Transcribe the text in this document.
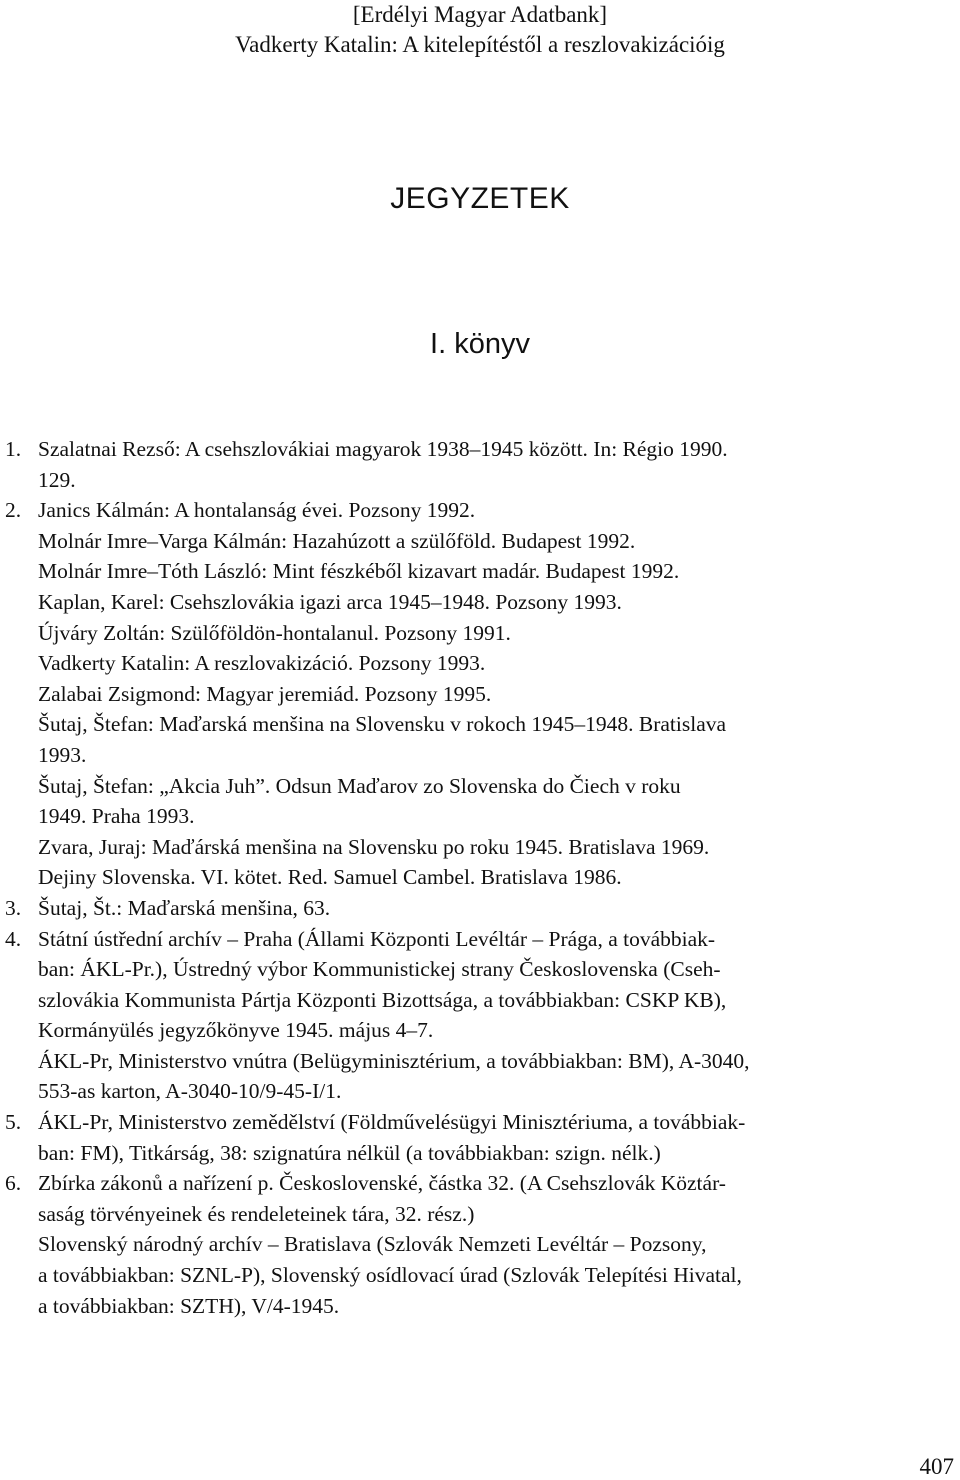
[Erdélyi Magyar Adatbank]
Vadkerty Katalin: A kitelepítéstől a reszlovakizációig
JEGYZETEK
I. könyv
1. Szalatnai Rezső: A csehszlovákiai magyarok 1938–1945 között. In: Régio 1990.
129.
2. Janics Kálmán: A hontalanság évei. Pozsony 1992.
Molnár Imre–Varga Kálmán: Hazahúzott a szülőföld. Budapest 1992.
Molnár Imre–Tóth László: Mint fészkéből kizavart madár. Budapest 1992.
Kaplan, Karel: Csehszlovákia igazi arca 1945–1948. Pozsony 1993.
Újváry Zoltán: Szülőföldön-hontalanul. Pozsony 1991.
Vadkerty Katalin: A reszlovakizáció. Pozsony 1993.
Zalabai Zsigmond: Magyar jeremiád. Pozsony 1995.
Šutaj, Štefan: Maďarská menšina na Slovensku v rokoch 1945–1948. Bratislava
1993.
Šutaj, Štefan: „Akcia Juh”. Odsun Maďarov zo Slovenska do Čiech v roku
1949. Praha 1993.
Zvara, Juraj: Maďárská menšina na Slovensku po roku 1945. Bratislava 1969.
Dejiny Slovenska. VI. kötet. Red. Samuel Cambel. Bratislava 1986.
3. Šutaj, Št.: Maďarská menšina, 63.
4. Státní ústřední archív – Praha (Állami Központi Levéltár – Prága, a továbbiak-
ban: ÁKL-Pr.), Ústredný výbor Kommunistickej strany Československa (Cseh-
szlovákia Kommunista Pártja Központi Bizottsága, a továbbiakban: CSKP KB),
Kormányülés jegyzőkönyve 1945. május 4–7.
ÁKL-Pr, Ministerstvo vnútra (Belügyminisztérium, a továbbiakban: BM), A-3040,
553-as karton, A-3040-10/9-45-I/1.
5. ÁKL-Pr, Ministerstvo zemědělství (Földművelésügyi Minisztériuma, a továbbiak-
ban: FM), Titkárság, 38: szignatúra nélkül (a továbbiakban: szign. nélk.)
6. Zbírka zákonů a nařízení p. Československé, částka 32. (A Csehszlovák Köztár-
saság törvényeinek és rendeleteinek tára, 32. rész.)
Slovenský národný archív – Bratislava (Szlovák Nemzeti Levéltár – Pozsony,
a továbbiakban: SZNL-P), Slovenský osídlovací úrad (Szlovák Telepítési Hivatal,
a továbbiakban: SZTH), V/4-1945.
407
